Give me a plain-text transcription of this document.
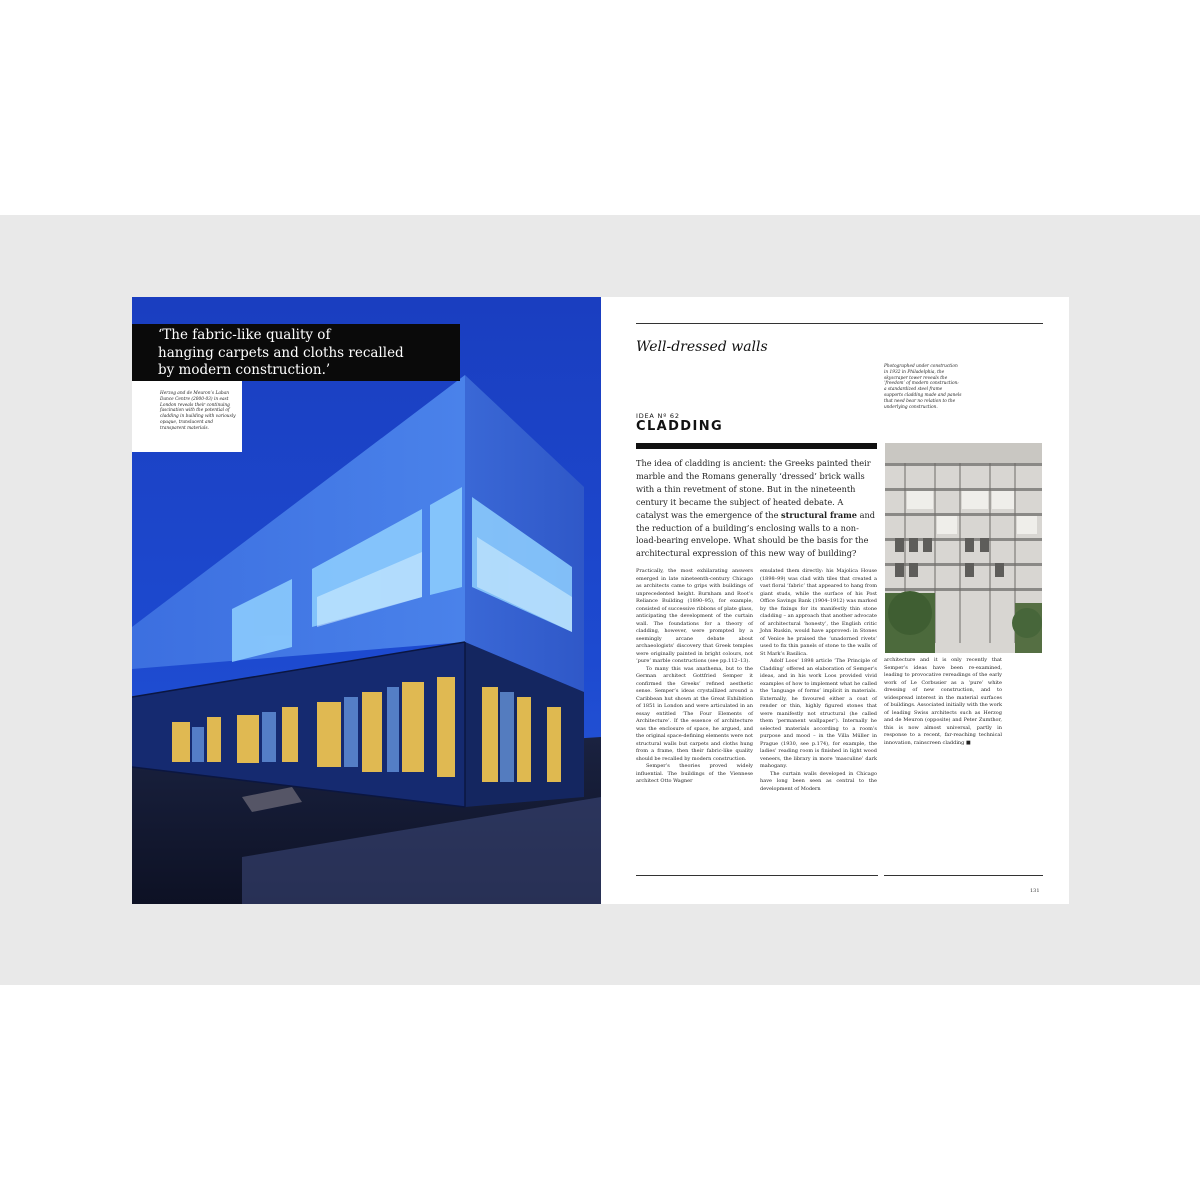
‘The fabric-like quality of
hanging carpets and cloths recalled
by modern construction.’
Herzog and de Meuron’s Laban Dance Centre (2000-03) in east London reveals their continuing fascination with the potential of cladding in building with variously opaque, translucent and transparent materials.
Well-dressed walls
Photographed under construction in 1932 in Philadelphia, the skyscraper tower reveals the ‘freedom’ of modern construction: a standardized steel frame supports cladding made and panels that need bear no relation to the underlying construction.
IDEA Nº 62
CLADDING
The idea of cladding is ancient: the Greeks painted their marble and the Romans generally ‘dressed’ brick walls with a thin revetment of stone. But in the nineteenth century it became the subject of heated debate. A catalyst was the emergence of the structural frame and the reduction of a building’s enclosing walls to a non-load-bearing envelope. What should be the basis for the architectural expression of this new way of building?

Practically, the most exhilarating answers emerged in late nineteenth-century Chicago as architects came to grips with buildings of unprecedented height. Burnham and Root’s Reliance Building (1890–95), for example, consisted of successive ribbons of plate glass, anticipating the development of the curtain wall. The foundations for a theory of cladding, however, were prompted by a seemingly arcane debate about archaeologists’ discovery that Greek temples were originally painted in bright colours, not ‘pure’ marble constructions (see pp.112–13).

To many this was anathema, but to the German architect Gottfried Semper it confirmed the Greeks’ refined aesthetic sense. Semper’s ideas crystallized around a Caribbean hut shown at the Great Exhibition of 1851 in London and were articulated in an essay entitled ‘The Four Elements of Architecture’. If the essence of architecture was the enclosure of space, he argued, and the original space-defining elements were not structural walls but carpets and cloths hung from a frame, then their fabric-like quality should be recalled by modern construction.

Semper’s theories proved widely influential. The buildings of the Viennese architect Otto Wagner

emulated them directly: his Majolica House (1898–99) was clad with tiles that created a vast floral ‘fabric’ that appeared to hang from giant studs, while the surface of his Post Office Savings Bank (1904–1912) was marked by the fixings for its manifestly thin stone cladding – an approach that another advocate of architectural ‘honesty’, the English critic John Ruskin, would have approved: in Stones of Venice he praised the ‘unadorned rivets’ used to fix thin panels of stone to the walls of St Mark’s Basilica.

Adolf Loos’ 1898 article ‘The Principle of Cladding’ offered an elaboration of Semper’s ideas, and in his work Loos provided vivid examples of how to implement what he called the ‘language of forms’ implicit in materials. Externally, he favoured either a coat of render or thin, highly figured stones that were manifestly not structural (he called them ‘permanent wallpaper’). Internally he selected materials according to a room’s purpose and mood – in the Villa Müller in Prague (1930, see p.174), for example, the ladies’ reading room is finished in light wood veneers, the library in more ‘masculine’ dark mahogany.

The curtain walls developed in Chicago have long been seen as central to the development of Modern

architecture and it is only recently that Semper’s ideas have been re-examined, leading to provocative rereadings of the early work of Le Corbusier as a ‘pure’ white dressing of new construction, and to widespread interest in the material surfaces of buildings. Associated initially with the work of leading Swiss architects such as Herzog and de Meuron (opposite) and Peter Zumthor, this is now almost universal, partly in response to a recent, far-reaching technical innovation, rainscreen cladding ■
131
